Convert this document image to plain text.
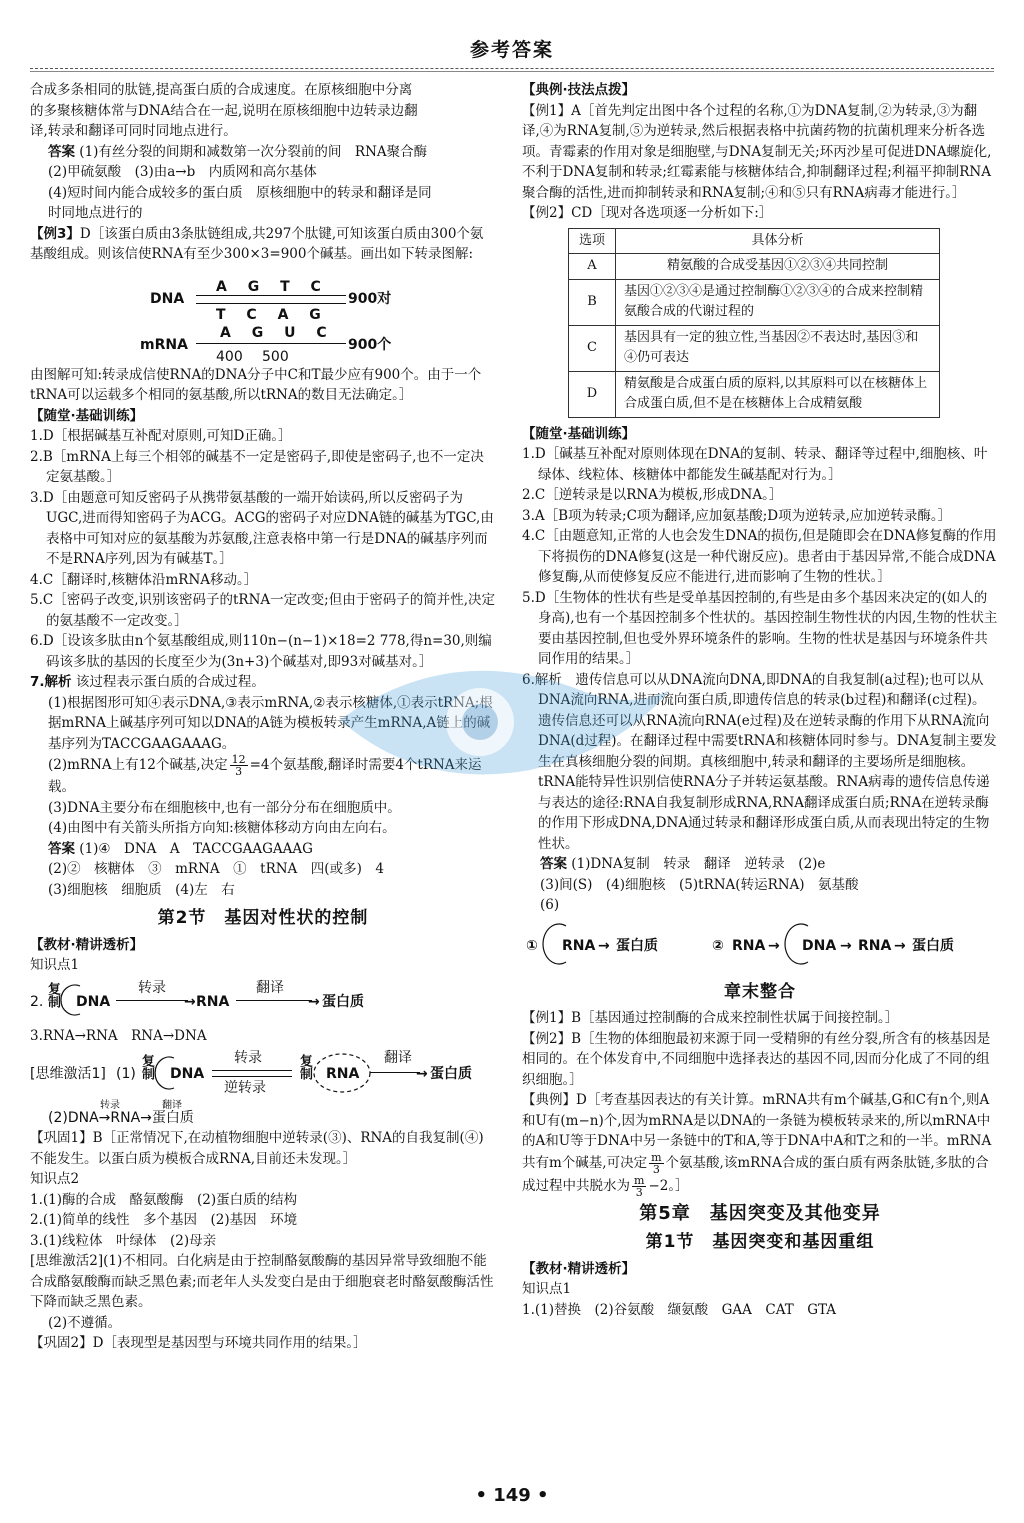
参考答案

合成多条相同的肽链,提高蛋白质的合成速度。在原核细胞中分离

的多聚核糖体常与DNA结合在一起,说明在原核细胞中边转录边翻

译,转录和翻译可同时同地点进行。

答案 (1)有丝分裂的间期和减数第一次分裂前的间　RNA聚合酶

(2)甲硫氨酸　(3)由a→b　内质网和高尔基体

(4)短时间内能合成较多的蛋白质　原核细胞中的转录和翻译是同

时同地点进行的

【例3】D［该蛋白质由3条肽链组成,共297个肽键,可知该蛋白质由300个氨基酸组成。则该信使RNA有至少300×3=900个碱基。画出如下转录图解:

DNA
A G T C
900对
T C A G
mRNA
A G U C
900个
400 500

由图解可知:转录成信使RNA的DNA分子中C和T最少应有900个。由于一个tRNA可以运载多个相同的氨基酸,所以tRNA的数目无法确定。］

【随堂·基础训练】

1.D［根据碱基互补配对原则,可知D正确。］

2.B［mRNA上每三个相邻的碱基不一定是密码子,即使是密码子,也不一定决定氨基酸。］

3.D［由题意可知反密码子从携带氨基酸的一端开始读码,所以反密码子为UGC,进而得知密码子为ACG。ACG的密码子对应DNA链的碱基为TGC,由表格中可知对应的氨基酸为苏氨酸,注意表格中第一行是DNA的碱基序列而不是RNA序列,因为有碱基T。］

4.C［翻译时,核糖体沿mRNA移动。］

5.C［密码子改变,识别该密码子的tRNA一定改变;但由于密码子的简并性,决定的氨基酸不一定改变。］

6.D［设该多肽由n个氨基酸组成,则110n−(n−1)×18=2 778,得n=30,则编码该多肽的基因的长度至少为(3n+3)个碱基对,即93对碱基对。］

7.解析 该过程表示蛋白质的合成过程。

(1)根据图形可知④表示DNA,③表示mRNA,②表示核糖体,①表示tRNA;根据mRNA上碱基序列可知以DNA的A链为模板转录产生mRNA,A链上的碱基序列为TACCGAAGAAAG。

(2)mRNA上有12个碱基,决定 $\frac{12}{3} =4$个氨基酸,翻译时需要4个tRNA来运载。

(3)DNA主要分布在细胞核中,也有一部分分布在细胞质中。

(4)由图中有关箭头所指方向知:核糖体移动方向由左向右。

答案 (1)④　DNA　A　TACCGAAGAAAG

(2)②　核糖体　③　mRNA　①　tRNA　四(或多)　4

(3)细胞核　细胞质　(4)左　右

第2节　基因对性状的控制

【教材·精讲透析】

知识点1

2. 复制 DNA
转录
→ RNA
翻译
→ 蛋白质

3.RNA→RNA　RNA→DNA

[思维激活1] (1) 复制 DNA
转录
逆转录
复制 RNA
翻译
→ 蛋白质
(2)DNA→RNA→蛋白质
转录	翻译

【巩固1】B［正常情况下,在动植物细胞中逆转录(③)、RNA的自我复制(④)不能发生。以蛋白质为模板合成RNA,目前还未发现。］

知识点2

1.(1)酶的合成　酪氨酸酶　(2)蛋白质的结构

2.(1)简单的线性　多个基因　(2)基因　环境

3.(1)线粒体　叶绿体　(2)母亲

[思维激活2](1)不相同。白化病是由于控制酪氨酸酶的基因异常导致细胞不能合成酪氨酸酶而缺乏黑色素;而老年人头发变白是由于细胞衰老时酪氨酸酶活性下降而缺乏黑色素。

(2)不遵循。

【巩固2】D［表现型是基因型与环境共同作用的结果。］

【典例·技法点拨】

【例1】A［首先判定出图中各个过程的名称,①为DNA复制,②为转录,③为翻译,④为RNA复制,⑤为逆转录,然后根据表格中抗菌药物的抗菌机理来分析各选项。青霉素的作用对象是细胞壁,与DNA复制无关;环丙沙星可促进DNA螺旋化,不利于DNA复制和转录;红霉素能与核糖体结合,抑制翻译过程;利福平抑制RNA聚合酶的活性,进而抑制转录和RNA复制;④和⑤只有RNA病毒才能进行。］

【例2】CD［现对各选项逐一分析如下:］

选项	具体分析
A	精氨酸的合成受基因①②③④共同控制
B	基因①②③④是通过控制酶①②③④的合成来控制精氨酸合成的代谢过程的
C	基因具有一定的独立性,当基因②不表达时,基因③和④仍可表达
D	精氨酸是合成蛋白质的原料,以其原料可以在核糖体上合成蛋白质,但不是在核糖体上合成精氨酸

【随堂·基础训练】

1.D［碱基互补配对原则体现在DNA的复制、转录、翻译等过程中,细胞核、叶绿体、线粒体、核糖体中都能发生碱基配对行为。］

2.C［逆转录是以RNA为模板,形成DNA。］

3.A［B项为转录;C项为翻译,应加氨基酸;D项为逆转录,应加逆转录酶。］

4.C［由题意知,正常的人也会发生DNA的损伤,但是随即会在DNA修复酶的作用下将损伤的DNA修复(这是一种代谢反应)。患者由于基因异常,不能合成DNA修复酶,从而使修复反应不能进行,进而影响了生物的性状。］

5.D［生物体的性状有些是受单基因控制的,有些是由多个基因来决定的(如人的身高),也有一个基因控制多个性状的。基因控制生物性状的内因,生物的性状主要由基因控制,但也受外界环境条件的影响。生物的性状是基因与环境条件共同作用的结果。］

6.解析　遗传信息可以从DNA流向DNA,即DNA的自我复制(a过程);也可以从DNA流向RNA,进而流向蛋白质,即遗传信息的转录(b过程)和翻译(c过程)。遗传信息还可以从RNA流向RNA(e过程)及在逆转录酶的作用下从RNA流向DNA(d过程)。在翻译过程中需要tRNA和核糖体同时参与。DNA复制主要发生在真核细胞分裂的间期。真核细胞中,转录和翻译的主要场所是细胞核。tRNA能特异性识别信使RNA分子并转运氨基酸。RNA病毒的遗传信息传递与表达的途径:RNA自我复制形成RNA,RNA翻译成蛋白质;RNA在逆转录酶的作用下形成DNA,DNA通过转录和翻译形成蛋白质,从而表现出特定的生物性状。

答案 (1)DNA复制　转录　翻译　逆转录　(2)e

(3)间(S)　(4)细胞核　(5)tRNA(转运RNA)　氨基酸

(6)

① RNA → 蛋白质	② RNA → DNA → RNA → 蛋白质
章末整合

【例1】B［基因通过控制酶的合成来控制性状属于间接控制。］

【例2】B［生物的体细胞最初来源于同一受精卵的有丝分裂,所含有的核基因是相同的。在个体发育中,不同细胞中选择表达的基因不同,因而分化成了不同的组织细胞。］

【典例】D［考查基因表达的有关计算。mRNA共有m个碱基,G和C有n个,则A和U有(m−n)个,因为mRNA是以DNA的一条链为模板转录来的,所以mRNA中的A和U等于DNA中另一条链中的T和A,等于DNA中A和T之和的一半。mRNA共有m个碱基,可决定 $\frac{m}{3}$ 个氨基酸,该mRNA合成的蛋白质有两条肽链,多肽的合成过程中共脱水为 $\frac{m}{3} -2$。］

第5章　基因突变及其他变异
第1节　基因突变和基因重组

【教材·精讲透析】

知识点1

1.(1)替换　(2)谷氨酸　缬氨酸　GAA　CAT　GTA

• 149 •
